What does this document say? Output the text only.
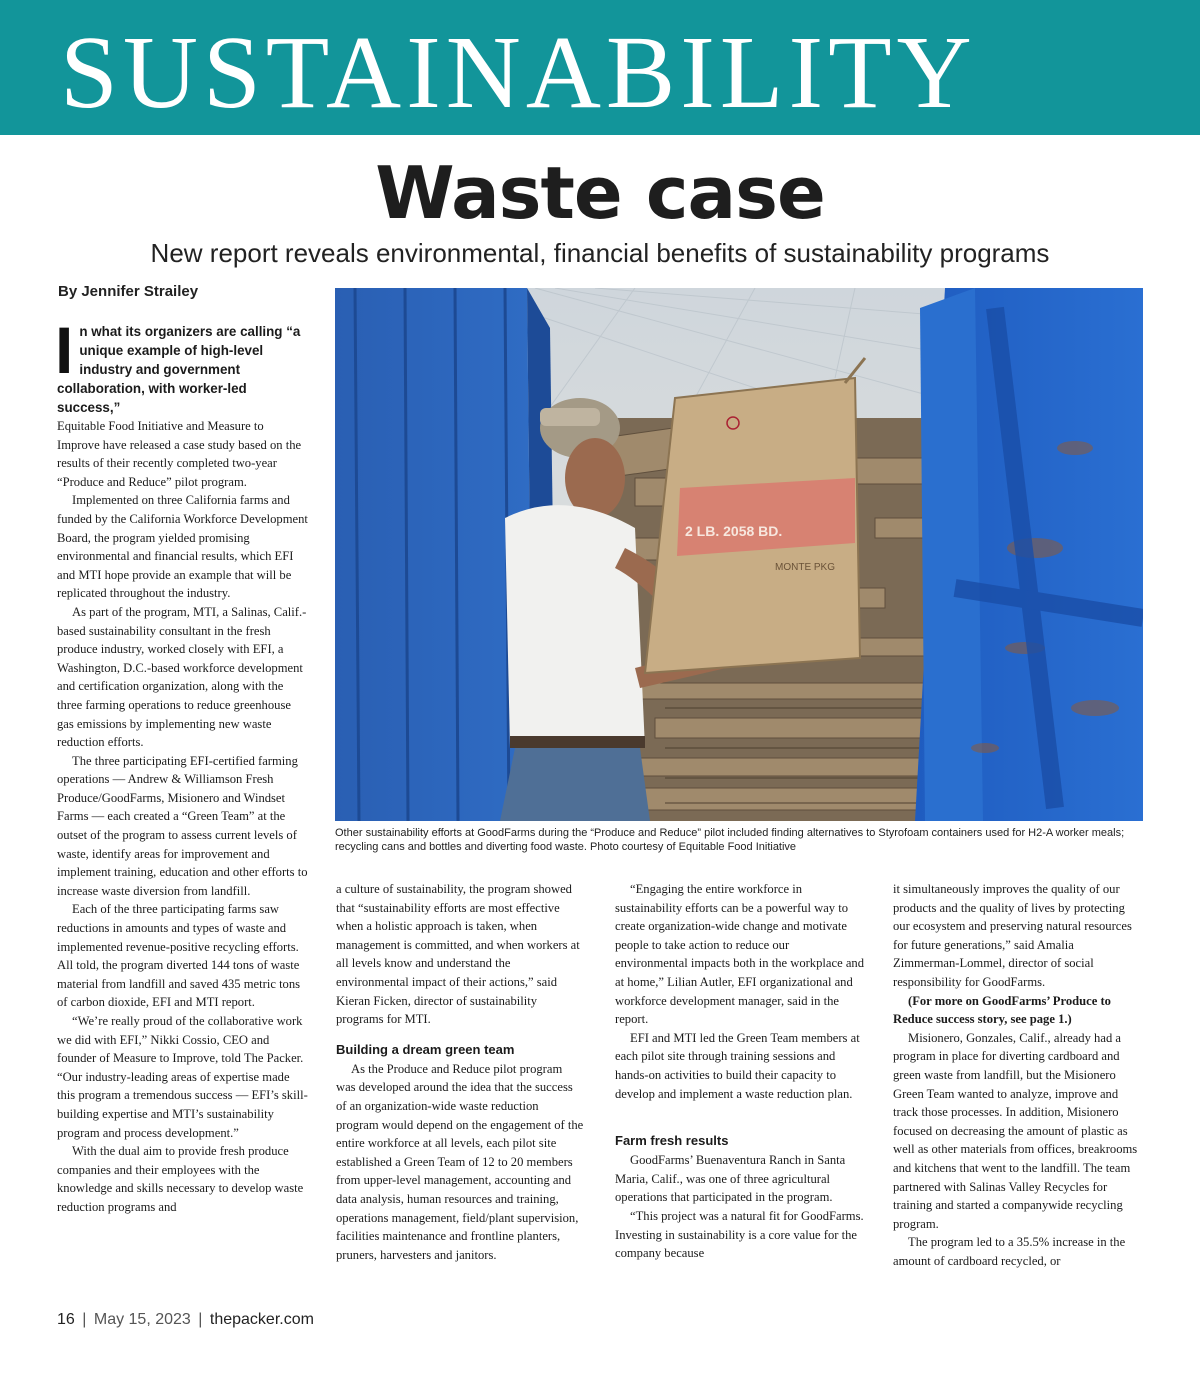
SUSTAINABILITY
Waste case
New report reveals environmental, financial benefits of sustainability programs
By Jennifer Strailey
2 LB. 2058 BD.
MONTE PKG

Other sustainability efforts at GoodFarms during the “Produce and Reduce” pilot included finding alternatives to Styrofoam containers used for H2-A worker meals; recycling cans and bottles and diverting food waste. Photo courtesy of Equitable Food Initiative

I n what its organizers are calling “a unique example of high-level industry and government collaboration, with worker-led success,”

Equitable Food Initiative and Measure to Improve have released a case study based on the results of their recently completed two-year “Produce and Reduce” pilot program.

Implemented on three California farms and funded by the California Workforce Development Board, the program yielded promising environmental and financial results, which EFI and MTI hope provide an example that will be replicated throughout the industry.

As part of the program, MTI, a Salinas, Calif.-based sustainability consultant in the fresh produce industry, worked closely with EFI, a Washington, D.C.-based workforce development and certification organization, along with the three farming operations to reduce greenhouse gas emissions by implementing new waste reduction efforts.

The three participating EFI-certified farming operations — Andrew & Williamson Fresh Produce/GoodFarms, Misionero and Windset Farms — each created a “Green Team” at the outset of the program to assess current levels of waste, identify areas for improvement and implement training, education and other efforts to increase waste diversion from landfill.

Each of the three participating farms saw reductions in amounts and types of waste and implemented revenue-positive recycling efforts. All told, the program diverted 144 tons of waste material from landfill and saved 435 metric tons of carbon dioxide, EFI and MTI report.

“We’re really proud of the collaborative work we did with EFI,” Nikki Cossio, CEO and founder of Measure to Improve, told The Packer. “Our industry-leading areas of expertise made this program a tremendous success — EFI’s skill-building expertise and MTI’s sustainability program and process development.”

With the dual aim to provide fresh produce companies and their employees with the knowledge and skills necessary to develop waste reduction programs and

a culture of sustainability, the program showed that “sustainability efforts are most effective when a holistic approach is taken, when management is committed, and when workers at all levels know and understand the environmental impact of their actions,” said Kieran Ficken, director of sustainability programs for MTI.

Building a dream green team

As the Produce and Reduce pilot program was developed around the idea that the success of an organization-wide waste reduction program would depend on the engagement of the entire workforce at all levels, each pilot site established a Green Team of 12 to 20 members from upper-level management, accounting and data analysis, human resources and training, operations management, field/plant supervision, facilities maintenance and frontline planters, pruners, harvesters and janitors.

“Engaging the entire workforce in sustainability efforts can be a powerful way to create organization-wide change and motivate people to take action to reduce our environmental impacts both in the workplace and at home,” Lilian Autler, EFI organizational and workforce development manager, said in the report.

EFI and MTI led the Green Team members at each pilot site through training sessions and hands-on activities to build their capacity to develop and implement a waste reduction plan.

Farm fresh results

GoodFarms’ Buenaventura Ranch in Santa Maria, Calif., was one of three agricultural operations that participated in the program.

“This project was a natural fit for GoodFarms. Investing in sustainability is a core value for the company because

it simultaneously improves the quality of our products and the quality of lives by protecting our ecosystem and preserving natural resources for future generations,” said Amalia Zimmerman-Lommel, director of social responsibility for GoodFarms.

(For more on GoodFarms’ Produce to Reduce success story, see page 1.)

Misionero, Gonzales, Calif., already had a program in place for diverting cardboard and green waste from landfill, but the Misionero Green Team wanted to analyze, improve and track those processes. In addition, Misionero focused on decreasing the amount of plastic as well as other materials from offices, breakrooms and kitchens that went to the landfill. The team partnered with Salinas Valley Recycles for training and started a companywide recycling program.

The program led to a 35.5% increase in the amount of cardboard recycled, or

16 | May 15, 2023 | thepacker.com
